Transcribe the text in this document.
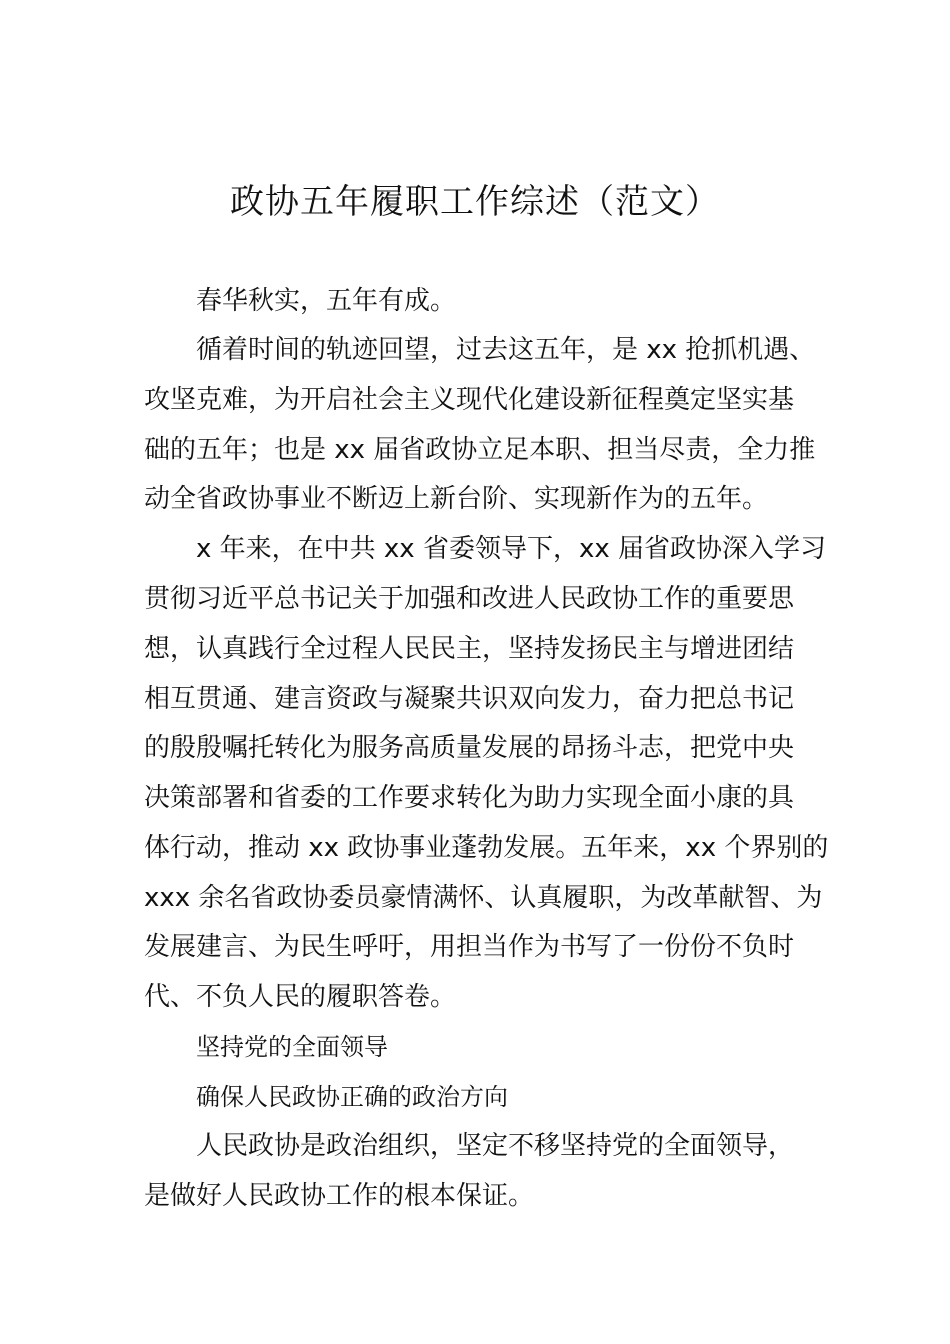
政协五年履职工作综述（范文）
春华秋实，五年有成。
循着时间的轨迹回望，过去这五年，是 xx 抢抓机遇、
攻坚克难，为开启社会主义现代化建设新征程奠定坚实基
础的五年；也是 xx 届省政协立足本职、担当尽责，全力推
动全省政协事业不断迈上新台阶、实现新作为的五年。
x 年来，在中共 xx 省委领导下，xx 届省政协深入学习
贯彻习近平总书记关于加强和改进人民政协工作的重要思
想，认真践行全过程人民民主，坚持发扬民主与增进团结
相互贯通、建言资政与凝聚共识双向发力，奋力把总书记
的殷殷嘱托转化为服务高质量发展的昂扬斗志，把党中央
决策部署和省委的工作要求转化为助力实现全面小康的具
体行动，推动 xx 政协事业蓬勃发展。五年来，xx 个界别的
xxx 余名省政协委员豪情满怀、认真履职，为改革献智、为
发展建言、为民生呼吁，用担当作为书写了一份份不负时
代、不负人民的履职答卷。
坚持党的全面领导
确保人民政协正确的政治方向
人民政协是政治组织，坚定不移坚持党的全面领导，
是做好人民政协工作的根本保证。
